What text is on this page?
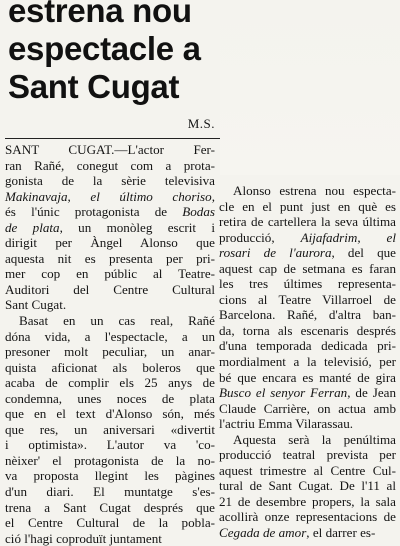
estrena nou
espectacle a
Sant Cugat
M.S.
SANT CUGAT.—L'actor Fer-
ran Rañé, conegut com a prota-
gonista de la sèrie televisiva
Makinavaja, el último choriso,
és l'únic protagonista de Bodas
de plata, un monòleg escrit i
dirigit per Àngel Alonso que
aquesta nit es presenta per pri-
mer cop en públic al Teatre-
Auditori del Centre Cultural
Sant Cugat.
Basat en un cas real, Rañé
dóna vida, a l'espectacle, a un
presoner molt peculiar, un anar-
quista aficionat als boleros que
acaba de complir els 25 anys de
condemna, unes noces de plata
que en el text d'Alonso són, més
que res, un aniversari «divertit
i optimista». L'autor va 'co-
nèixer' el protagonista de la no-
va proposta llegint les pàgines
d'un diari. El muntatge s'es-
trena a Sant Cugat després que
el Centre Cultural de la pobla-
ció l'hagi coproduït juntament
Alonso estrena nou especta-
cle en el punt just en què es
retira de cartellera la seva última
producció, Aijafadrim, el
rosari de l'aurora, del que
aquest cap de setmana es faran
les tres últimes representa-
cions al Teatre Villarroel de
Barcelona. Rañé, d'altra ban-
da, torna als escenaris després
d'una temporada dedicada pri-
mordialment a la televisió, per
bé que encara es manté de gira
Busco el senyor Ferran, de Jean
Claude Carrière, on actua amb
l'actriu Emma Vilarassau.
Aquesta serà la penúltima
producció teatral prevista per
aquest trimestre al Centre Cul-
tural de Sant Cugat. De l'11 al
21 de desembre propers, la sala
acollirà onze representacions de
Cegada de amor, el darrer es-
